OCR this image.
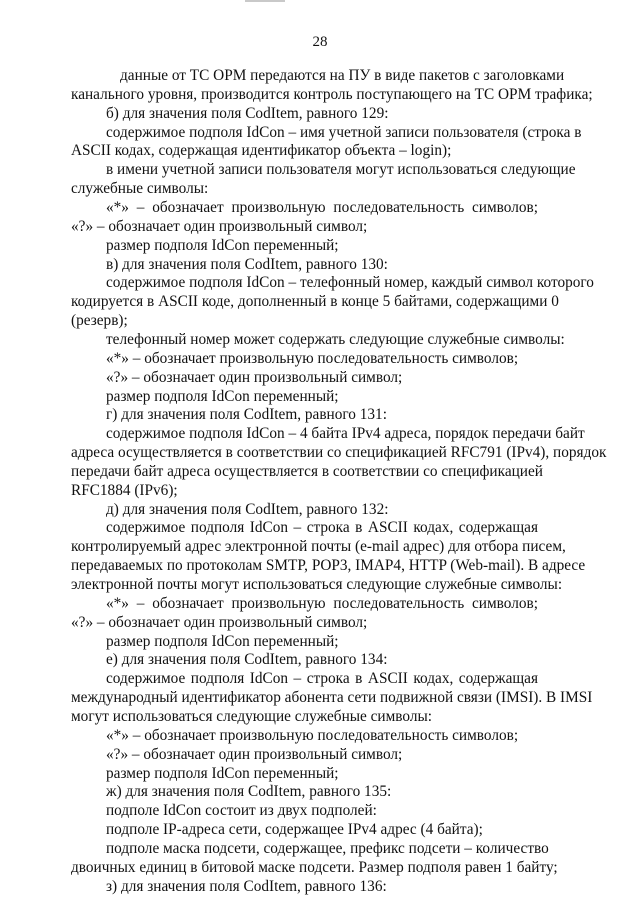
28
данные от ТС ОРМ передаются на ПУ в виде пакетов с заголовками
канального уровня, производится контроль поступающего на ТС ОРМ трафика;
б) для значения поля CodItem, равного 129:
содержимое подполя IdCon – имя учетной записи пользователя (строка в
ASCII кодах, содержащая идентификатор объекта – login);
в имени учетной записи пользователя могут использоваться следующие
служебные символы:
«*» – обозначает произвольную последовательность символов;
«?» – обозначает один произвольный символ;
размер подполя IdCon переменный;
в) для значения поля CodItem, равного 130:
содержимое подполя IdCon – телефонный номер, каждый символ которого
кодируется в ASCII коде, дополненный в конце 5 байтами, содержащими 0
(резерв);
телефонный номер может содержать следующие служебные символы:
«*» – обозначает произвольную последовательность символов;
«?» – обозначает один произвольный символ;
размер подполя IdCon переменный;
г) для значения поля CodItem, равного 131:
содержимое подполя IdCon – 4 байта IPv4 адреса, порядок передачи байт
адреса осуществляется в соответствии со спецификацией RFC791 (IPv4), порядок
передачи байт адреса осуществляется в соответствии со спецификацией
RFC1884 (IPv6);
д) для значения поля CodItem, равного 132:
содержимое подполя IdCon – строка в ASCII кодах, содержащая
контролируемый адрес электронной почты (e-mail адрес) для отбора писем,
передаваемых по протоколам SMTP, POP3, IMAP4, HTTP (Web-mail). В адресе
электронной почты могут использоваться следующие служебные символы:
«*» – обозначает произвольную последовательность символов;
«?» – обозначает один произвольный символ;
размер подполя IdCon переменный;
е) для значения поля CodItem, равного 134:
содержимое подполя IdCon – строка в ASCII кодах, содержащая
международный идентификатор абонента сети подвижной связи (IMSI). В IMSI
могут использоваться следующие служебные символы:
«*» – обозначает произвольную последовательность символов;
«?» – обозначает один произвольный символ;
размер подполя IdCon переменный;
ж) для значения поля CodItem, равного 135:
подполе IdCon состоит из двух подполей:
подполе IP-адреса сети, содержащее IPv4 адрес (4 байта);
подполе маска подсети, содержащее, префикс подсети – количество
двоичных единиц в битовой маске подсети. Размер подполя равен 1 байту;
з) для значения поля CodItem, равного 136:
